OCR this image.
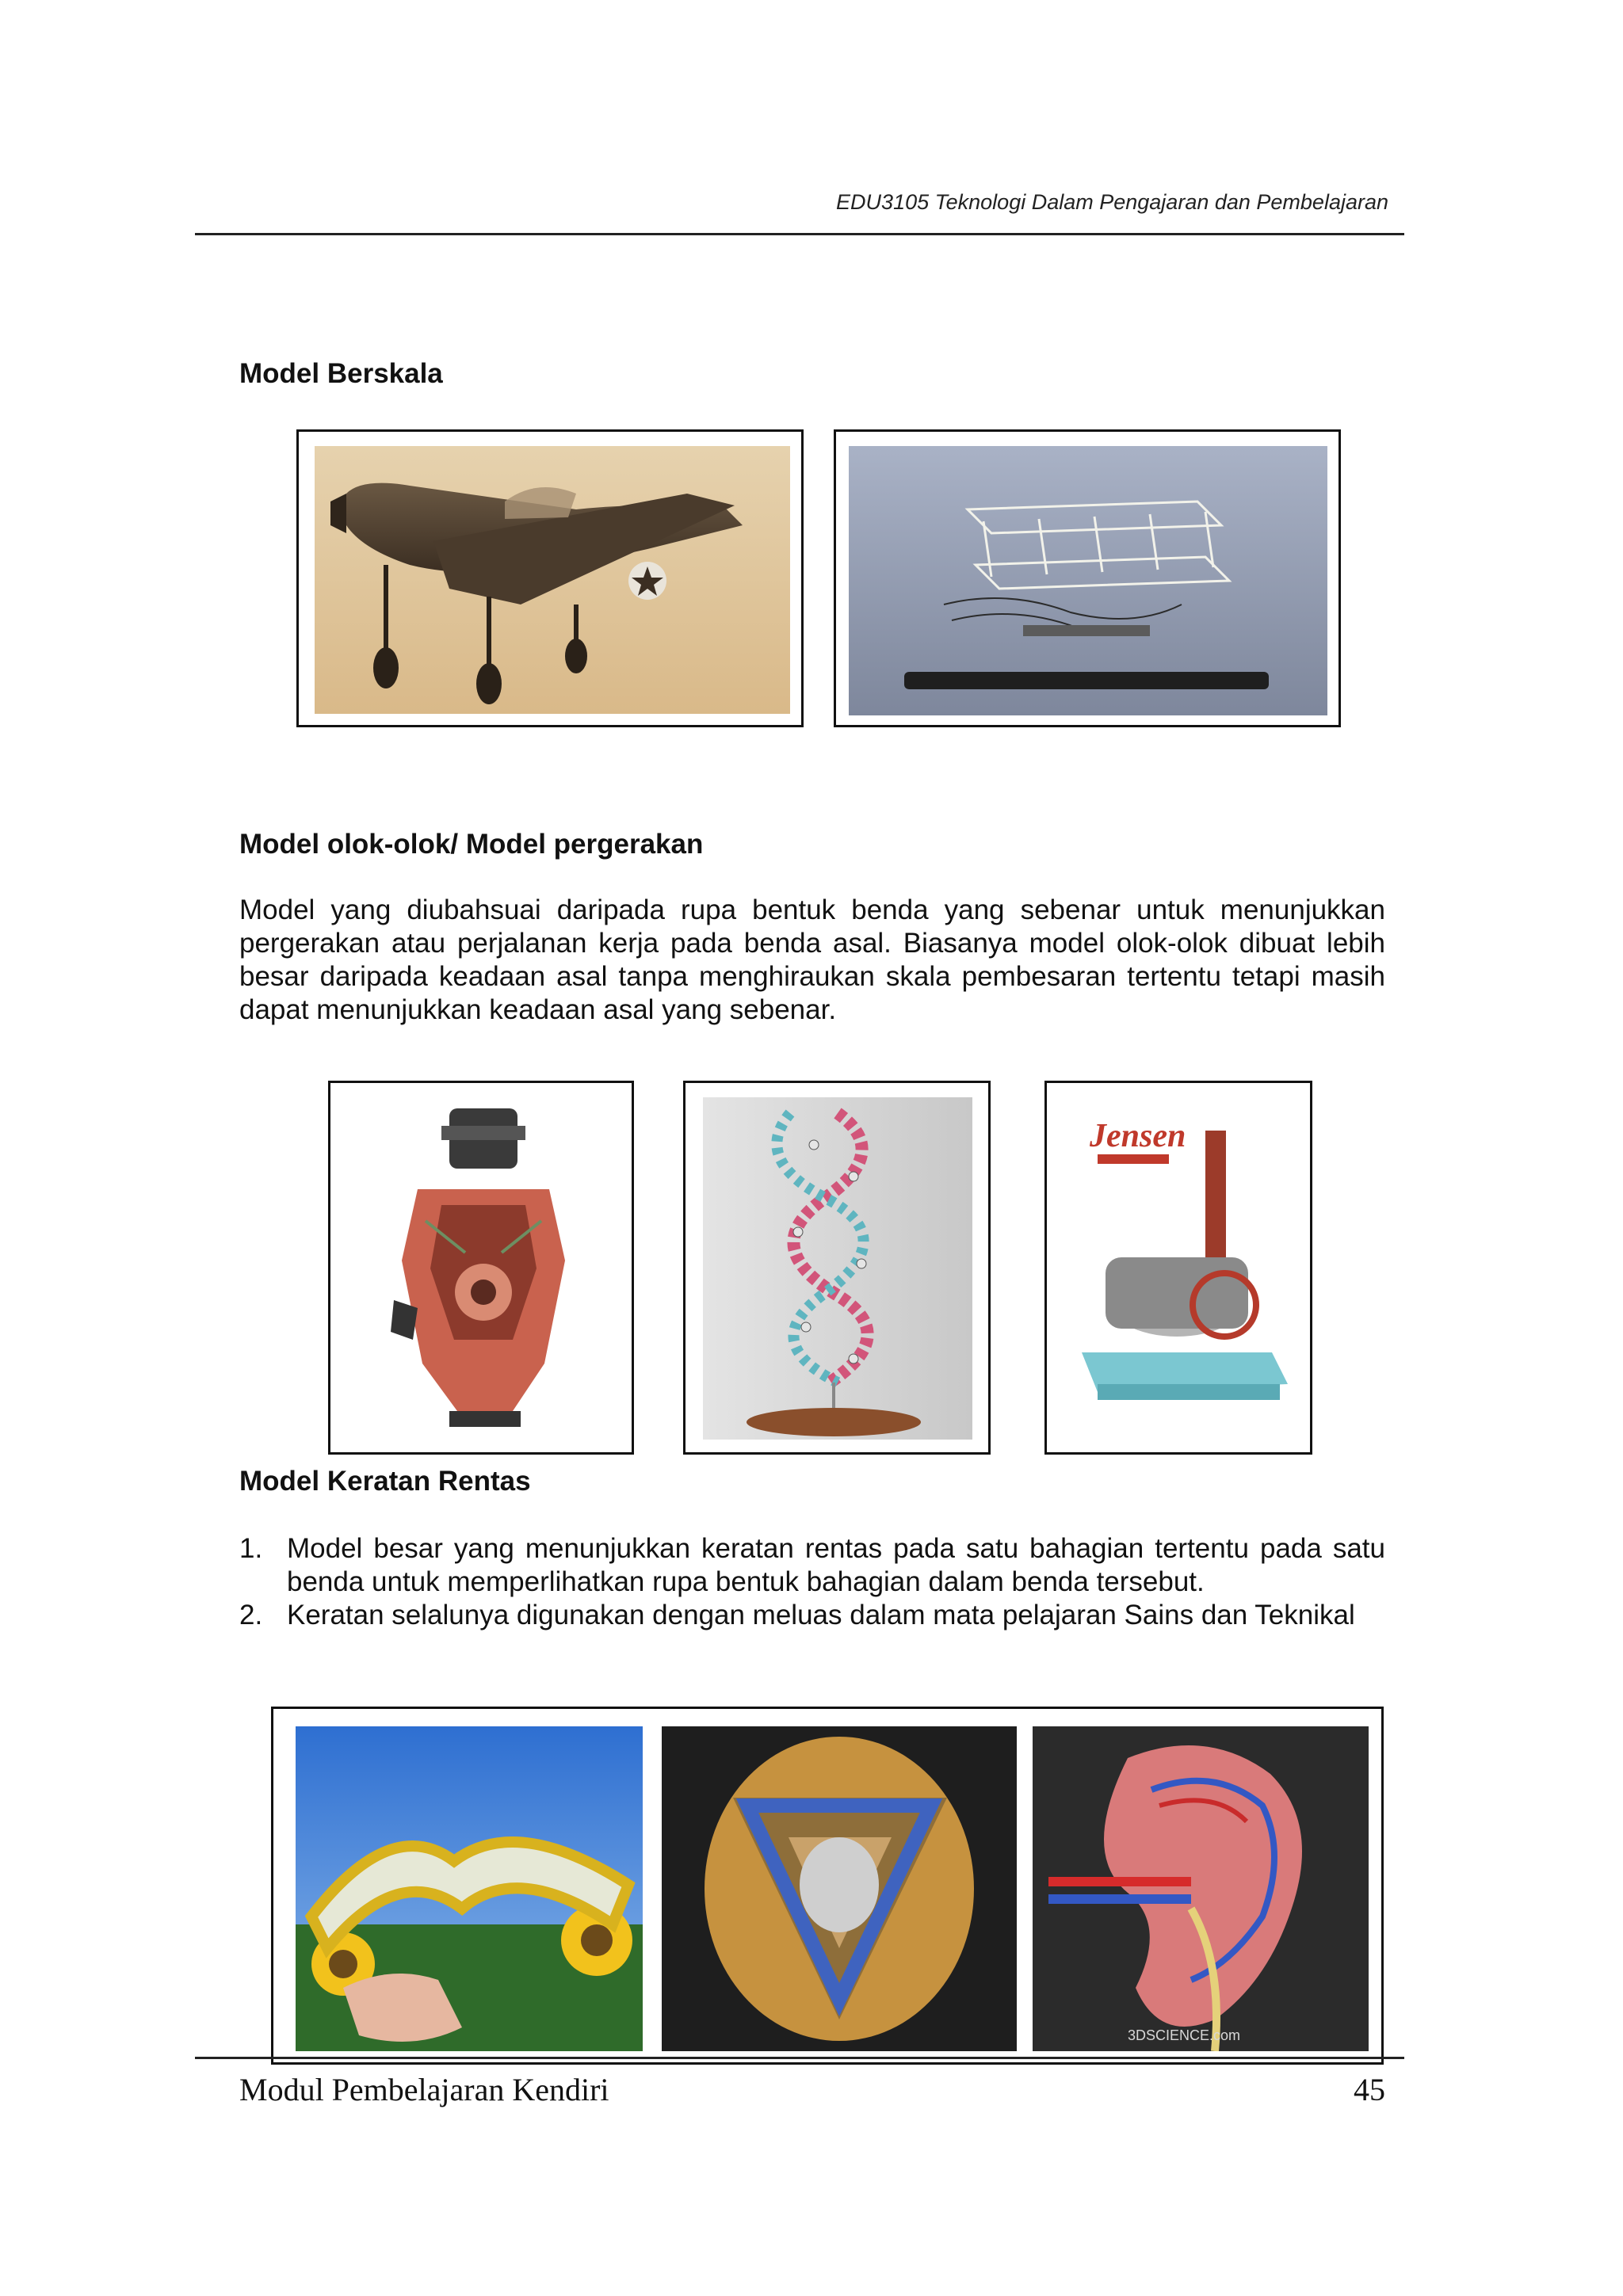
EDU3105 Teknologi Dalam Pengajaran dan Pembelajaran
Model Berskala
Model olok-olok/ Model pergerakan
Model yang diubahsuai daripada rupa bentuk benda yang sebenar untuk menunjukkan pergerakan atau perjalanan kerja pada benda asal. Biasanya model olok-olok dibuat lebih besar daripada keadaan asal tanpa menghiraukan skala pembesaran tertentu tetapi masih dapat menunjukkan keadaan asal yang sebenar.
Jensen
Model Keratan Rentas
1. Model besar yang menunjukkan keratan rentas pada satu bahagian tertentu pada satu benda untuk memperlihatkan rupa bentuk bahagian dalam benda tersebut.
2. Keratan selalunya digunakan dengan meluas dalam mata pelajaran Sains dan Teknikal
3DSCIENCE.com
Modul Pembelajaran Kendiri	45
